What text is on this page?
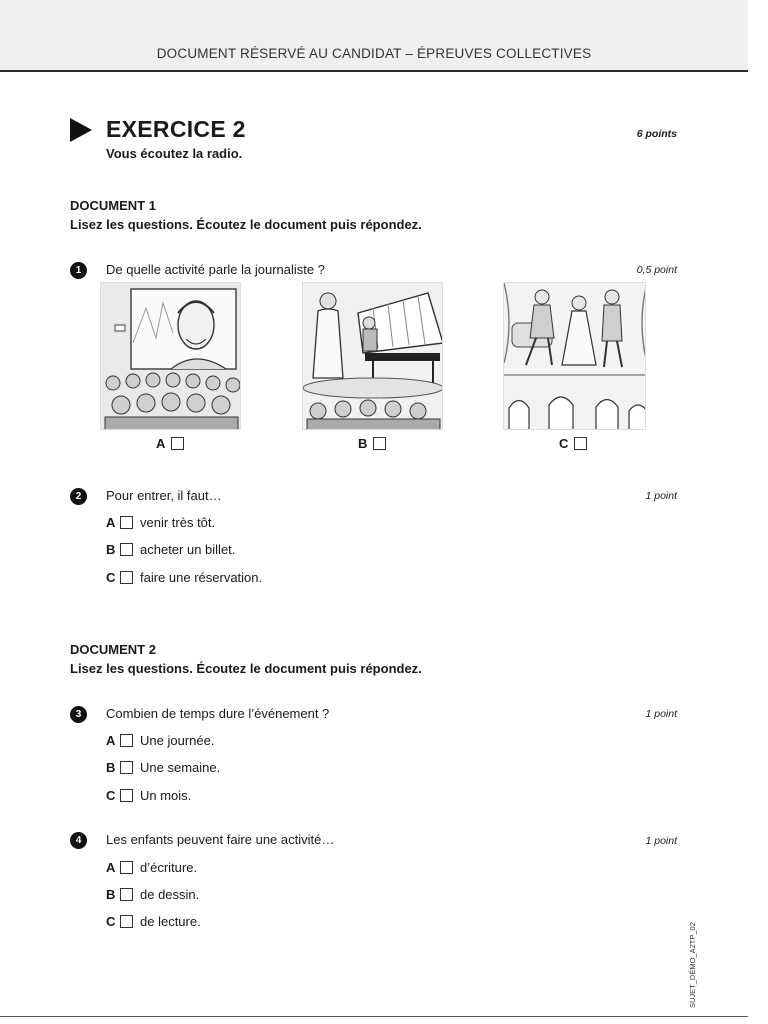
DOCUMENT RÉSERVÉ AU CANDIDAT – ÉPREUVES COLLECTIVES
EXERCICE 2
Vous écoutez la radio.
6 points
DOCUMENT 1
Lisez les questions. Écoutez le document puis répondez.
1	De quelle activité parle la journaliste ?	0,5 point
A	B	C
2	Pour entrer, il faut…	1 point
A	venir très tôt.
B	acheter un billet.
C	faire une réservation.
DOCUMENT 2
Lisez les questions. Écoutez le document puis répondez.
3	Combien de temps dure l’événement ?	1 point
A	Une journée.
B	Une semaine.
C	Un mois.
4	Les enfants peuvent faire une activité…	1 point
A	d’écriture.
B	de dessin.
C	de lecture.
SUJET_DÉMO_A2TP_02
